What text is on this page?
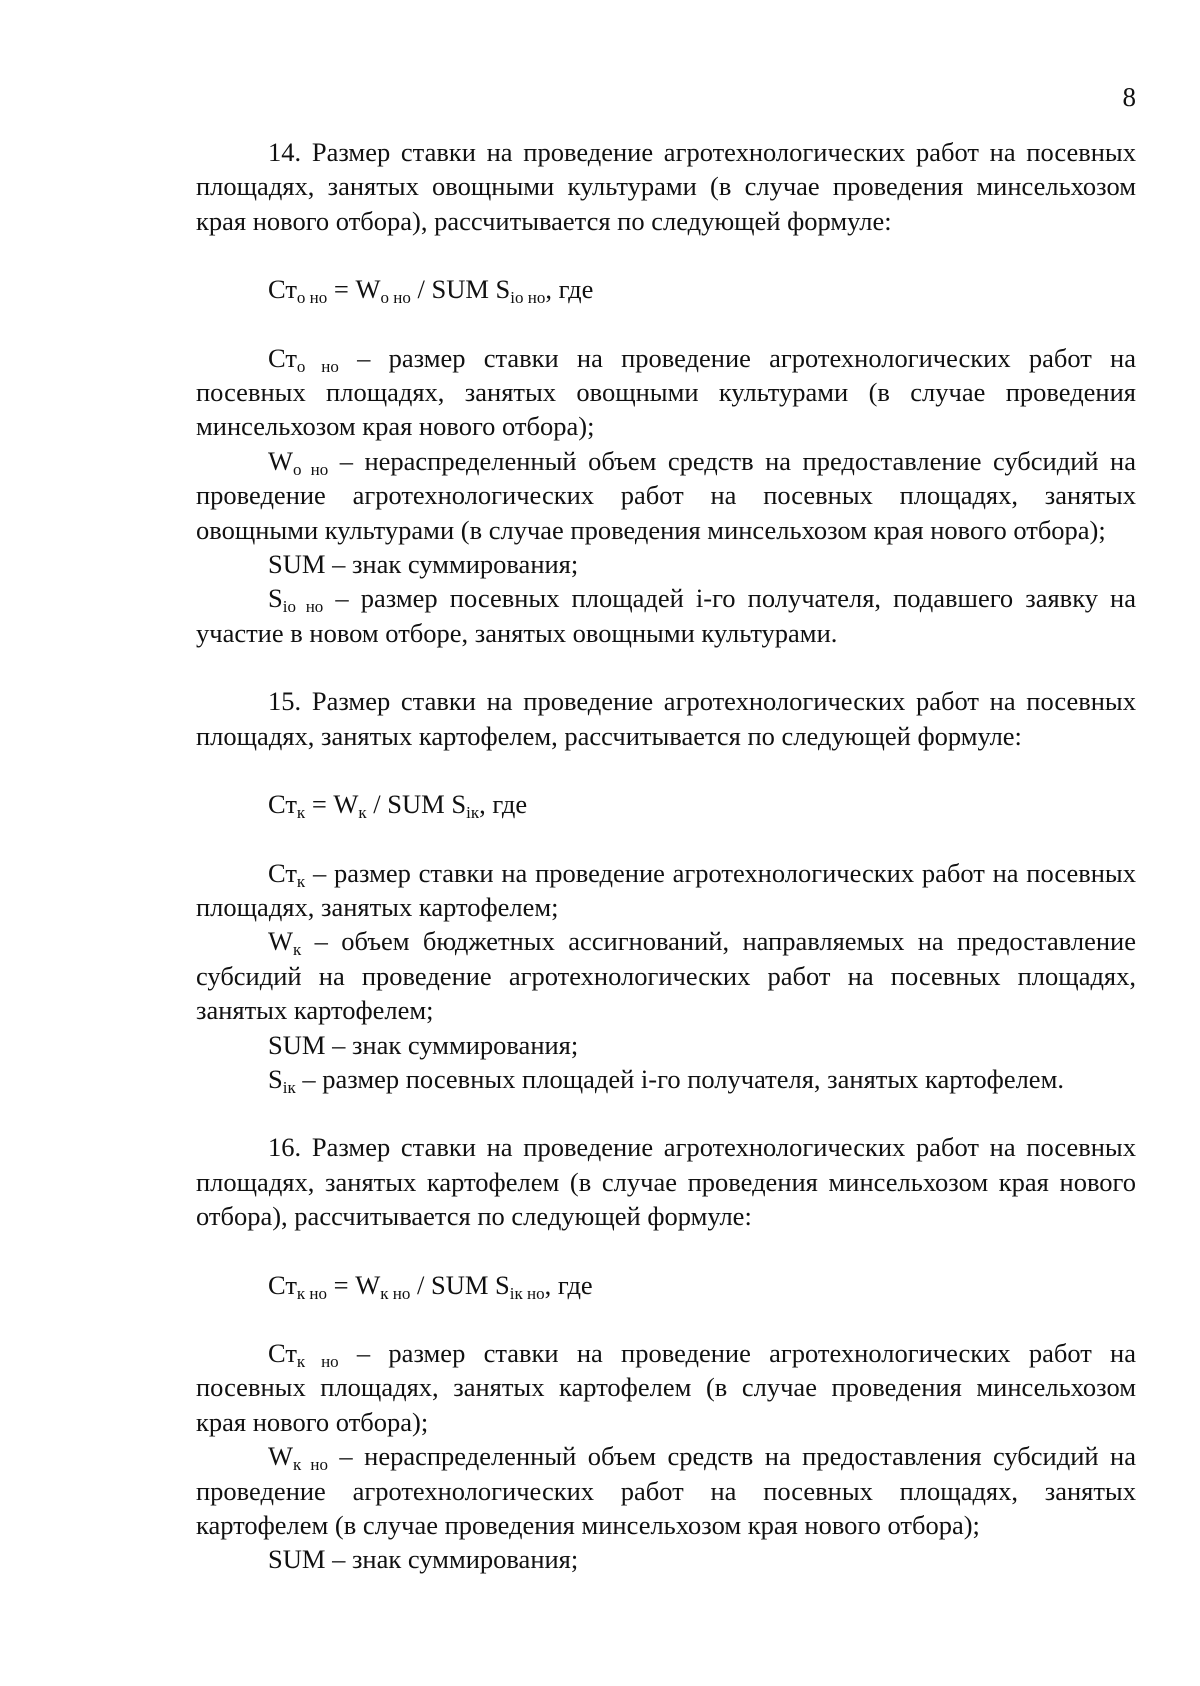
8

14. Размер ставки на проведение агротехнологических работ на посевных площадях, занятых овощными культурами (в случае проведения минсельхозом края нового отбора), рассчитывается по следующей формуле:

$Ст_{о но} = W_{о но}$ / SUM $S_{iо но}$, где

$Ст_{о но}$ – размер ставки на проведение агротехнологических работ на посевных площадях, занятых овощными культурами (в случае проведения минсельхозом края нового отбора);

$W_{о но}$ – нераспределенный объем средств на предоставление субсидий на проведение агротехнологических работ на посевных площадях, занятых овощными культурами (в случае проведения минсельхозом края нового отбора);

SUM – знак суммирования;

$S_{iо но}$ – размер посевных площадей i-го получателя, подавшего заявку на участие в новом отборе, занятых овощными культурами.

15. Размер ставки на проведение агротехнологических работ на посевных площадях, занятых картофелем, рассчитывается по следующей формуле:

$Ст_к = W_к$ / SUM $S_{iк}$, где

$Ст_к$ – размер ставки на проведение агротехнологических работ на посевных площадях, занятых картофелем;

$W_к$ – объем бюджетных ассигнований, направляемых на предоставление субсидий на проведение агротехнологических работ на посевных площадях, занятых картофелем;

SUM – знак суммирования;

$S_{iк}$ – размер посевных площадей i-го получателя, занятых картофелем.

16. Размер ставки на проведение агротехнологических работ на посевных площадях, занятых картофелем (в случае проведения минсельхозом края нового отбора), рассчитывается по следующей формуле:

$Ст_{к но} = W_{к но}$ / SUM $S_{iк но}$, где

$Ст_{к но}$ – размер ставки на проведение агротехнологических работ на посевных площадях, занятых картофелем (в случае проведения минсельхозом края нового отбора);

$W_{к но}$ – нераспределенный объем средств на предоставления субсидий на проведение агротехнологических работ на посевных площадях, занятых картофелем (в случае проведения минсельхозом края нового отбора);

SUM – знак суммирования;
